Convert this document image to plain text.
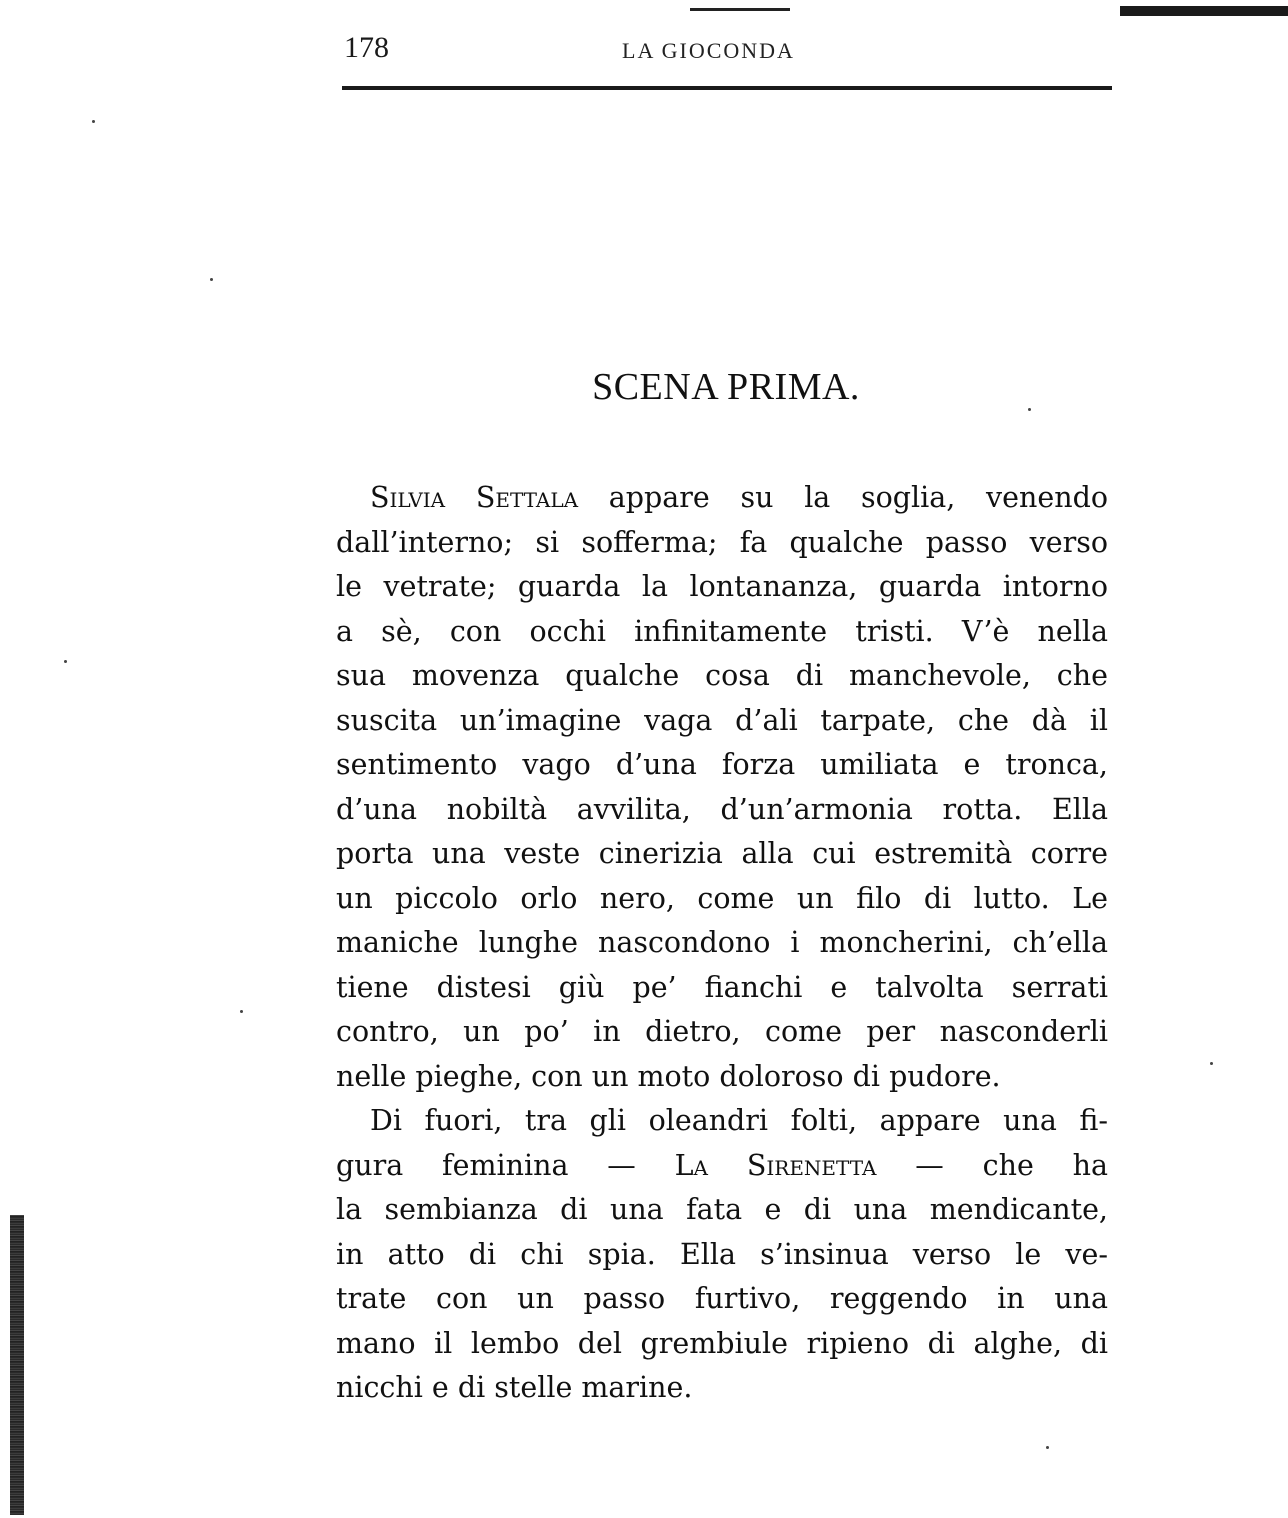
178	LA GIOCONDA
SCENA PRIMA.
Silvia Settala appare su la soglia, venendo
dall’interno; si sofferma; fa qualche passo verso
le vetrate; guarda la lontananza, guarda intorno
a sè, con occhi infinitamente tristi. V’è nella
sua movenza qualche cosa di manchevole, che
suscita un’imagine vaga d’ali tarpate, che dà il
sentimento vago d’una forza umiliata e tronca,
d’una nobiltà avvilita, d’un’armonia rotta. Ella
porta una veste cinerizia alla cui estremità corre
un piccolo orlo nero, come un filo di lutto. Le
maniche lunghe nascondono i moncherini, ch’ella
tiene distesi giù pe’ fianchi e talvolta serrati
contro, un po’ in dietro, come per nasconderli
nelle pieghe, con un moto doloroso di pudore.
Di fuori, tra gli oleandri folti, appare una fi-
gura feminina — La Sirenetta — che ha
la sembianza di una fata e di una mendicante,
in atto di chi spia. Ella s’insinua verso le ve-
trate con un passo furtivo, reggendo in una
mano il lembo del grembiule ripieno di alghe, di
nicchi e di stelle marine.
